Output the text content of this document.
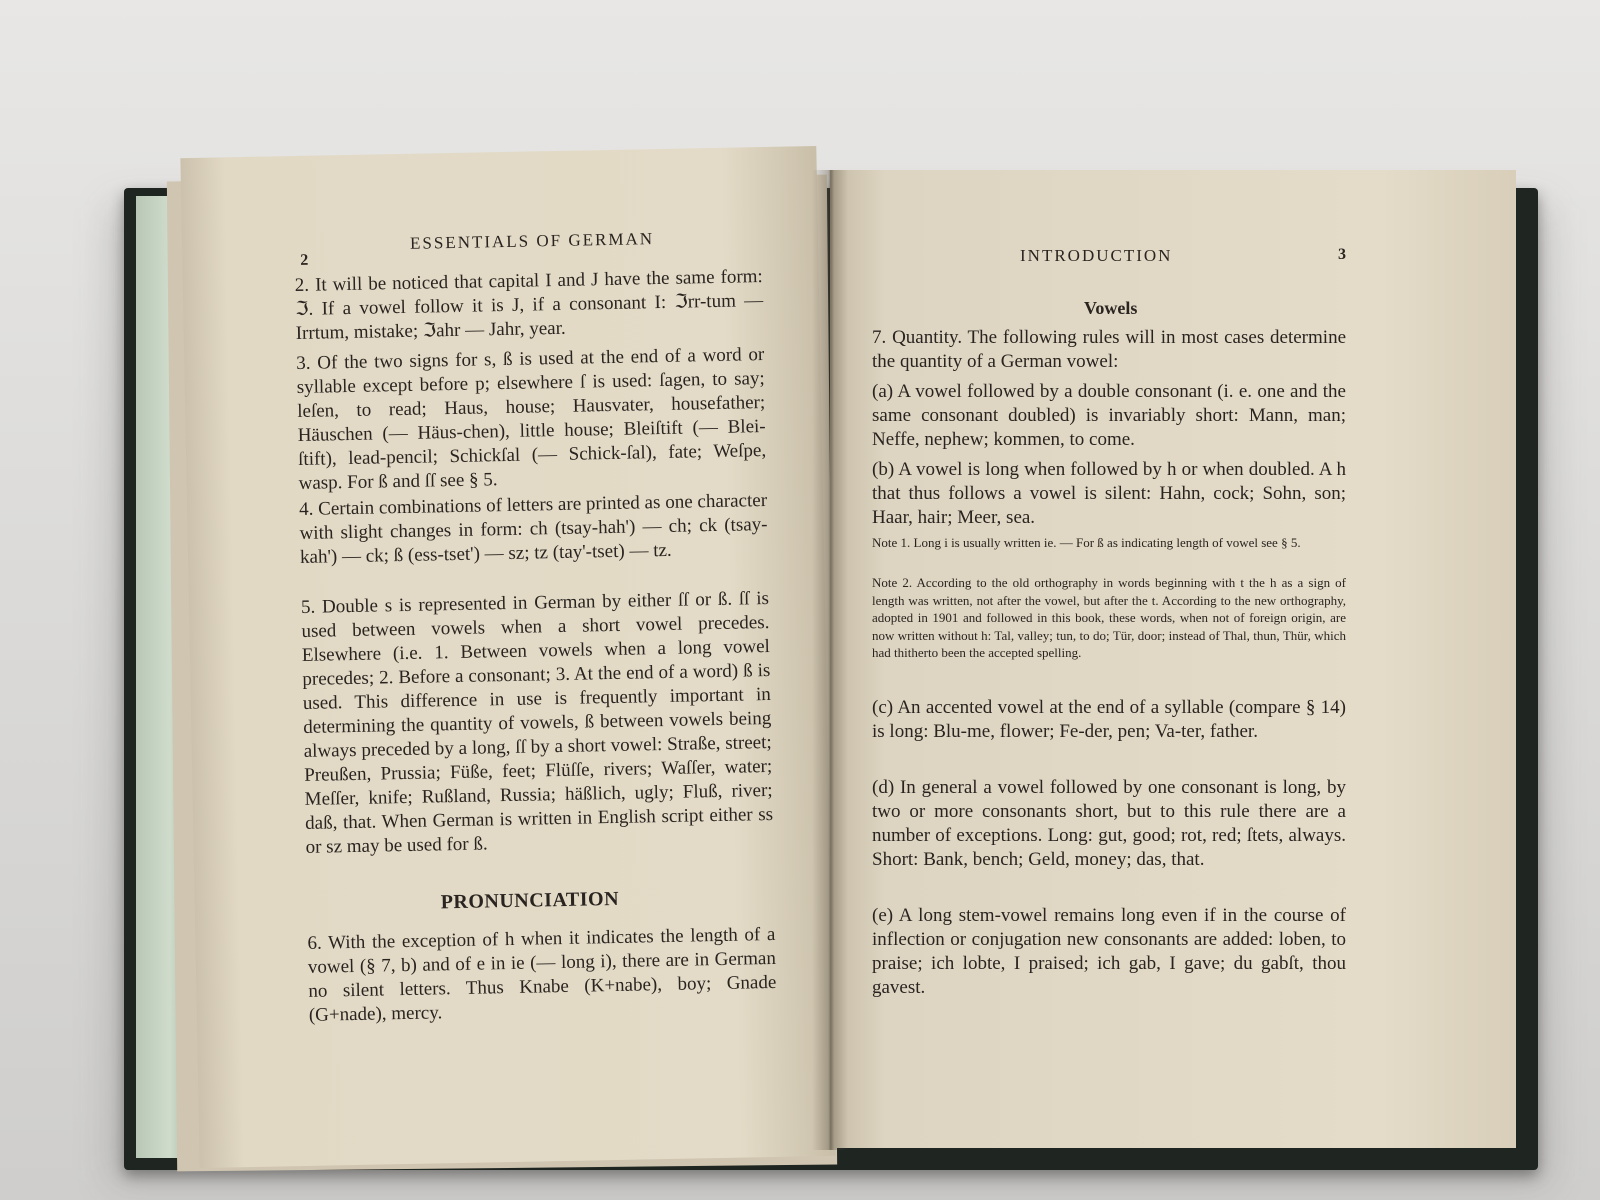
2
ESSENTIALS OF GERMAN
2. It will be noticed that capital I and J have the same form: ℑ. If a vowel follow it is J, if a consonant I: ℑrr-tum — Irrtum, mistake; ℑahr — Jahr, year.
3. Of the two signs for s, ß is used at the end of a word or syllable except before p; elsewhere ſ is used: ſagen, to say; leſen, to read; Haus, house; Hausvater, housefather; Häuschen (— Häus-chen), little house; Bleiſtift (— Blei-ſtift), lead-pencil; Schickſal (— Schick-ſal), fate; Weſpe, wasp. For ß and ſſ see § 5.
4. Certain combinations of letters are printed as one character with slight changes in form: ch (tsay-hah') — ch; ck (tsay-kah') — ck; ß (ess-tset') — sz; tz (tay'-tset) — tz.
5. Double s is represented in German by either ſſ or ß. ſſ is used between vowels when a short vowel precedes. Elsewhere (i.e. 1. Between vowels when a long vowel precedes; 2. Before a consonant; 3. At the end of a word) ß is used. This difference in use is frequently important in determining the quantity of vowels, ß between vowels being always preceded by a long, ſſ by a short vowel: Straße, street; Preußen, Prussia; Füße, feet; Flüſſe, rivers; Waſſer, water; Meſſer, knife; Rußland, Russia; häßlich, ugly; Fluß, river; daß, that. When German is written in English script either ss or sz may be used for ß.
PRONUNCIATION
6. With the exception of h when it indicates the length of a vowel (§ 7, b) and of e in ie (— long i), there are in German no silent letters. Thus Knabe (K+nabe), boy; Gnade (G+nade), mercy.
INTRODUCTION	3
Vowels
7. Quantity. The following rules will in most cases determine the quantity of a German vowel:
(a) A vowel followed by a double consonant (i. e. one and the same consonant doubled) is invariably short: Mann, man; Neffe, nephew; kommen, to come.
(b) A vowel is long when followed by h or when doubled. A h that thus follows a vowel is silent: Hahn, cock; Sohn, son; Haar, hair; Meer, sea.
Note 1. Long i is usually written ie. — For ß as indicating length of vowel see § 5.
Note 2. According to the old orthography in words beginning with t the h as a sign of length was written, not after the vowel, but after the t. According to the new orthography, adopted in 1901 and followed in this book, these words, when not of foreign origin, are now written without h: Tal, valley; tun, to do; Tür, door; instead of Thal, thun, Thür, which had thitherto been the accepted spelling.
(c) An accented vowel at the end of a syllable (compare § 14) is long: Blu-me, flower; Fe-der, pen; Va-ter, father.
(d) In general a vowel followed by one consonant is long, by two or more consonants short, but to this rule there are a number of exceptions. Long: gut, good; rot, red; ſtets, always. Short: Bank, bench; Geld, money; das, that.
(e) A long stem-vowel remains long even if in the course of inflection or conjugation new consonants are added: loben, to praise; ich lobte, I praised; ich gab, I gave; du gabſt, thou gavest.
